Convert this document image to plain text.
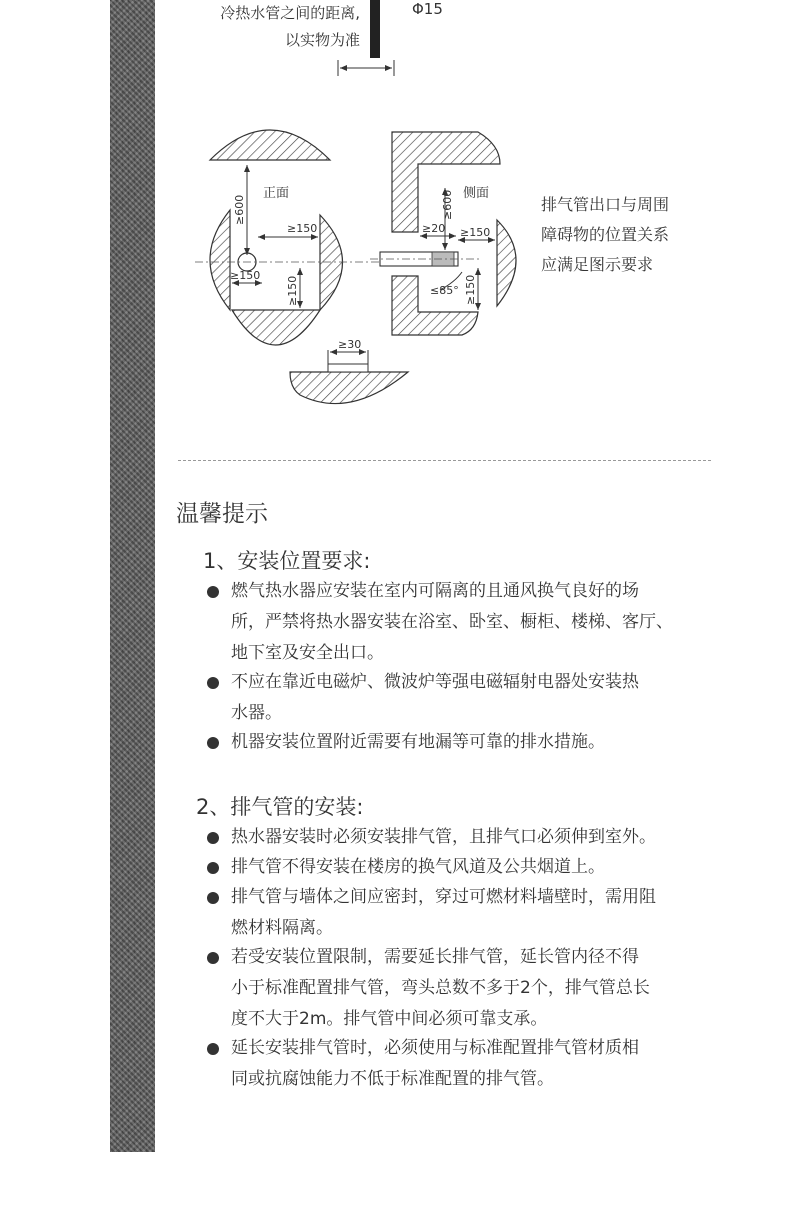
冷热水管之间的距离,
以实物为准
Φ15
正面
≥600
≥150
≥150
≥150
侧面
≥600
≥20 ≥150
≤85° ≥150
≥30
排气管出口与周围
障碍物的位置关系
应满足图示要求
温馨提示
1、安装位置要求:
燃气热水器应安装在室内可隔离的且通风换气良好的场
所，严禁将热水器安装在浴室、卧室、橱柜、楼梯、客厅、
地下室及安全出口。
不应在靠近电磁炉、微波炉等强电磁辐射电器处安装热
水器。
机器安装位置附近需要有地漏等可靠的排水措施。
2、排气管的安装:
热水器安装时必须安装排气管，且排气口必须伸到室外。
排气管不得安装在楼房的换气风道及公共烟道上。
排气管与墙体之间应密封，穿过可燃材料墙壁时，需用阻
燃材料隔离。
若受安装位置限制，需要延长排气管，延长管内径不得
小于标准配置排气管，弯头总数不多于2个，排气管总长
度不大于2m。排气管中间必须可靠支承。
延长安装排气管时，必须使用与标准配置排气管材质相
同或抗腐蚀能力不低于标准配置的排气管。
